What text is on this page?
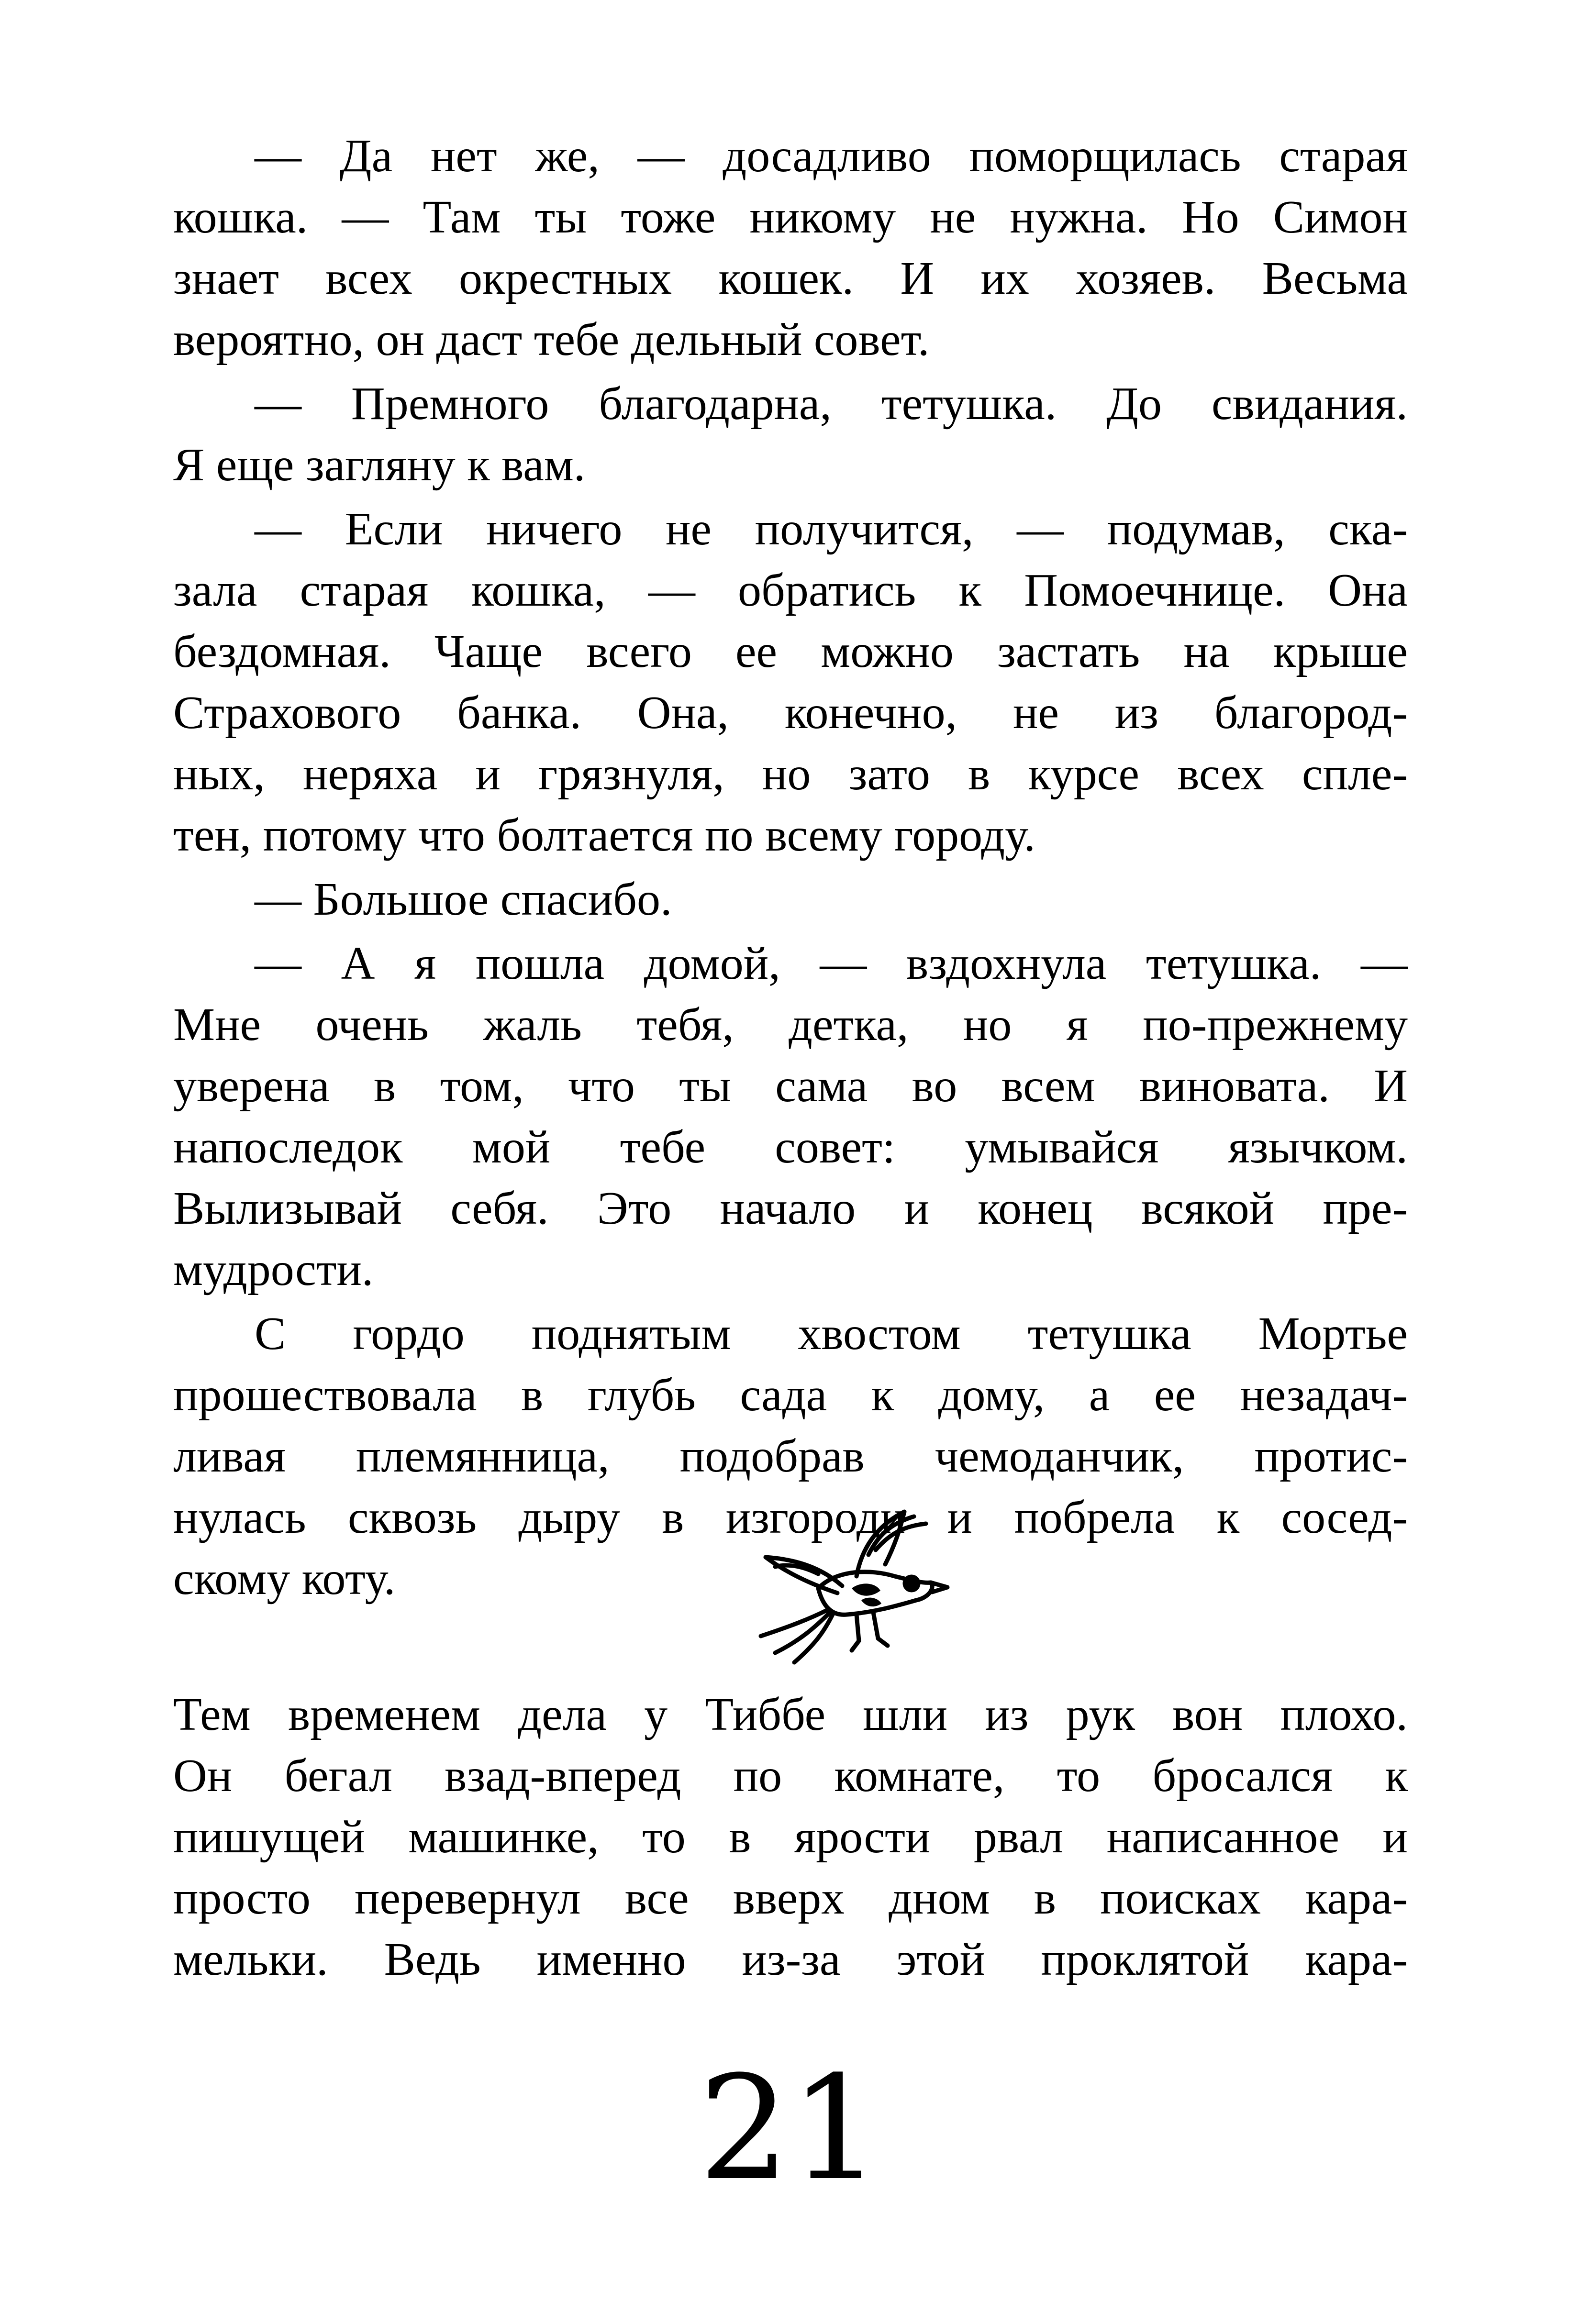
— Да нет же, — досадливо поморщилась старая
кошка. — Там ты тоже никому не нужна. Но Симон
знает всех окрестных кошек. И их хозяев. Весьма
вероятно, он даст тебе дельный совет.
— Премного благодарна, тетушка. До свидания.
Я еще загляну к вам.
— Если ничего не получится, — подумав, ска-
зала старая кошка, — обратись к Помоечнице. Она
бездомная. Чаще всего ее можно застать на крыше
Страхового банка. Она, конечно, не из благород-
ных, неряха и грязнуля, но зато в курсе всех спле-
тен, потому что болтается по всему городу.
— Большое спасибо.
— А я пошла домой, — вздохнула тетушка. —
Мне очень жаль тебя, детка, но я по-прежнему
уверена в том, что ты сама во всем виновата. И
напоследок мой тебе совет: умывайся язычком.
Вылизывай себя. Это начало и конец всякой пре-
мудрости.
С гордо поднятым хвостом тетушка Мортье
прошествовала в глубь сада к дому, а ее незадач-
ливая племянница, подобрав чемоданчик, протис-
нулась сквозь дыру в изгороди и побрела к сосед-
скому коту.
Тем временем дела у Тиббе шли из рук вон плохо.
Он бегал взад-вперед по комнате, то бросался к
пишущей машинке, то в ярости рвал написанное и
просто перевернул все вверх дном в поисках кара-
мельки. Ведь именно из-за этой проклятой кара-
21
